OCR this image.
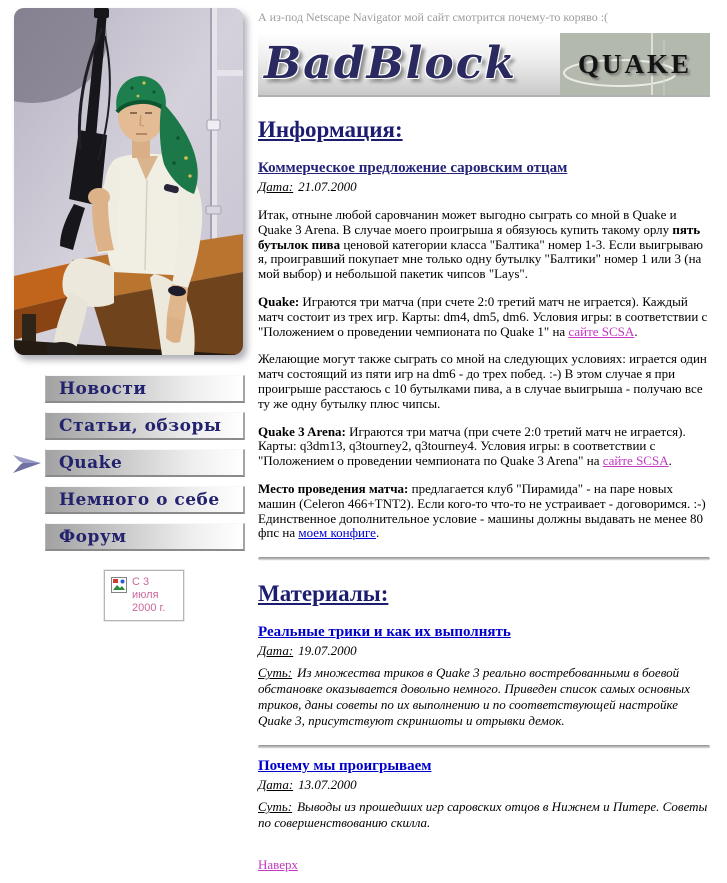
Новости
Статьи, обзоры
Quake
Немного о себе
Форум
С 3 июля 2000 г.
А из-под Netscape Navigator мой сайт смотрится почему-то коряво :(
BadBlock QUAKE
Информация:
Коммерческое предложение саровским отцам
Дата: 21.07.2000

Итак, отныне любой саровчанин может выгодно сыграть со мной в Quake и Quake 3 Arena. В случае моего проигрыша я обязуюсь купить такому орлу пять бутылок пива ценовой категории класса "Балтика" номер 1-3. Если выигрываю я, проигравший покупает мне только одну бутылку "Балтики" номер 1 или 3 (на мой выбор) и небольшой пакетик чипсов "Lays".

Quake: Играются три матча (при счете 2:0 третий матч не играется). Каждый матч состоит из трех игр. Карты: dm4, dm5, dm6. Условия игры: в соответствии с "Положением о проведении чемпионата по Quake 1" на сайте SCSA.

Желающие могут также сыграть со мной на следующих условиях: играется один матч состоящий из пяти игр на dm6 - до трех побед. :-) В этом случае я при проигрыше расстаюсь с 10 бутылками пива, а в случае выигрыша - получаю все ту же одну бутылку плюс чипсы.

Quake 3 Arena: Играются три матча (при счете 2:0 третий матч не играется). Карты: q3dm13, q3tourney2, q3tourney4. Условия игры: в соответствии с "Положением о проведении чемпионата по Quake 3 Arena" на сайте SCSA.

Место проведения матча: предлагается клуб "Пирамида" - на паре новых машин (Celeron 466+TNT2). Если кого-то что-то не устраивает - договоримся. :-) Единственное дополнительное условие - машины должны выдавать не менее 80 фпс на моем конфиге.

Материалы:
Реальные трики и как их выполнять
Дата: 19.07.2000
Суть: Из множества триков в Quake 3 реально востребованными в боевой обстановке оказывается довольно немного. Приведен список самых основных триков, даны советы по их выполнению и по соответствующей настройке Quake 3, присутствуют скриншоты и отрывки демок.
Почему мы проигрываем
Дата: 13.07.2000
Суть: Выводы из прошедших игр саровских отцов в Нижнем и Питере. Советы по совершенствованию скилла.
Наверх
